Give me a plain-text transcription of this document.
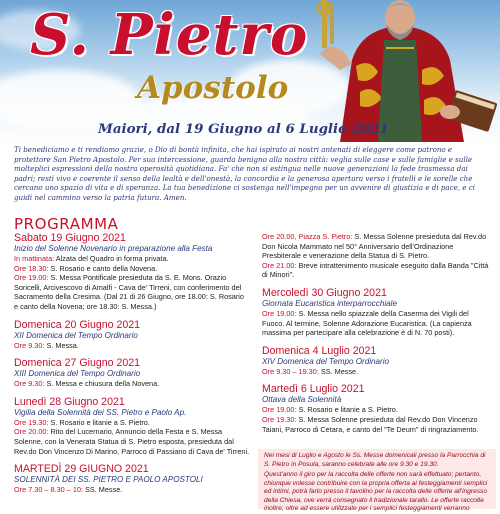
S. Pietro
Apostolo
Maiori, dal 19 Giugno al 6 Luglio 2021
Ti benediciamo e ti rendiamo grazie, o Dio di bontà infinita, che hai ispirato ai nostri antenati di eleggere come patrono e protettore San Pietro Apostolo. Per sua intercessione, guarda benigno alla nostra città: veglia sulle case e sulle famiglie e sulle molteplici espressioni della nostra operosità quotidiana. Fa' che non si estingua nelle nuove generazioni la fede trasmessa dai padri; resti vivo e coerente il senso della lealtà e dell'onestà, la concordia e la generosa apertura verso i fratelli e le sorelle che cercano uno spazio di vita e di speranza. La tua benedizione ci sostenga nell'impegno per un avvenire di giustizia e di pace, e ci guidi nel cammino verso la patria futura. Amen.
PROGRAMMA
Sabato 19 Giugno 2021
Inizio del Solenne Novenario in preparazione alla Festa
In mattinata: Alzata del Quadro in forma privata.
Ore 18.30: S. Rosario e canto della Novena.
Ore 19.00: S. Messa Pontificale presieduta da S. E. Mons. Orazio Soricelli, Arcivescovo di Amalfi - Cava de' Tirreni, con conferimento del Sacramento della Cresima. (Dal 21 di 26 Giugno, ore 18.00: S. Rosario e canto della Novena; ore 18.30: S. Messa.)
Domenica 20 Giugno 2021
XII Domenica del Tempo Ordinario
Ore 9.30: S. Messa.
Domenica 27 Giugno 2021
XIII Domenica del Tempo Ordinario
Ore 9.30: S. Messa e chiusura della Novena.
Lunedì 28 Giugno 2021
Vigilia della Solennità dei SS. Pietro e Paolo Ap.
Ore 19.30: S. Rosario e litanie a S. Pietro.
Ore 20.00: Rito del Lucernario, Annuncio della Festa e S. Messa Solenne, con la Venerata Statua di S. Pietro esposta, presieduta dal Rev.do Don Vincenzo Di Marino, Parroco di Passiano di Cava de' Tirreni.
MARTEDÌ 29 GIUGNO 2021
SOLENNITÀ DEI SS. PIETRO E PAOLO APOSTOLI
Ore 7.30 – 8.30 – 10: SS. Messe.
Ore 20.00, Piazza S. Pietro: S. Messa Solenne presieduta dal Rev.do Don Nicola Mammato nel 50° Anniversario dell'Ordinazione Presbiterale e venerazione della Statua di S. Pietro.
Ore 21.00: Breve intrattenimento musicale eseguito dalla Banda "Città di Minori".
Mercoledì 30 Giugno 2021
Giornata Eucaristica interparrocchiale
Ore 19.00: S. Messa nello spiazzale della Caserma dei Vigili del Fuoco. Al termine, Solenne Adorazione Eucaristica. (La capienza massima per partecipare alla celebrazione è di N. 70 posti).
Domenica 4 Luglio 2021
XIV Domenica del Tempo Ordinario
Ore 9.30 – 19.30: SS. Messe.
Martedì 6 Luglio 2021
Ottava della Solennità
Ore 19.00: S. Rosario e litanie a S. Pietro.
Ore 19.30: S. Messa Solenne presieduta dal Rev.do Don Vincenzo Taiani, Parroco di Cetara, e canto del "Te Deum" di ringraziamento.

Nei mesi di Luglio e Agosto le Ss. Messe domenicali presso la Parrocchia di S. Pietro in Posula, saranno celebrate alle ore 9.30 e 19.30.

Quest'anno il giro per la raccolta delle offerte non sarà effettuato; pertanto, chiunque volesse contribuire con la propria offerta ai festeggiamenti semplici ed intimi, potrà farlo presso il tavolino per la raccolta delle offerte all'ingresso della Chiesa, ove verrà consegnato il tradizionale tarallo. Le offerte raccolte inoltre, oltre ad essere utilizzate per i semplici festeggiamenti verranno
